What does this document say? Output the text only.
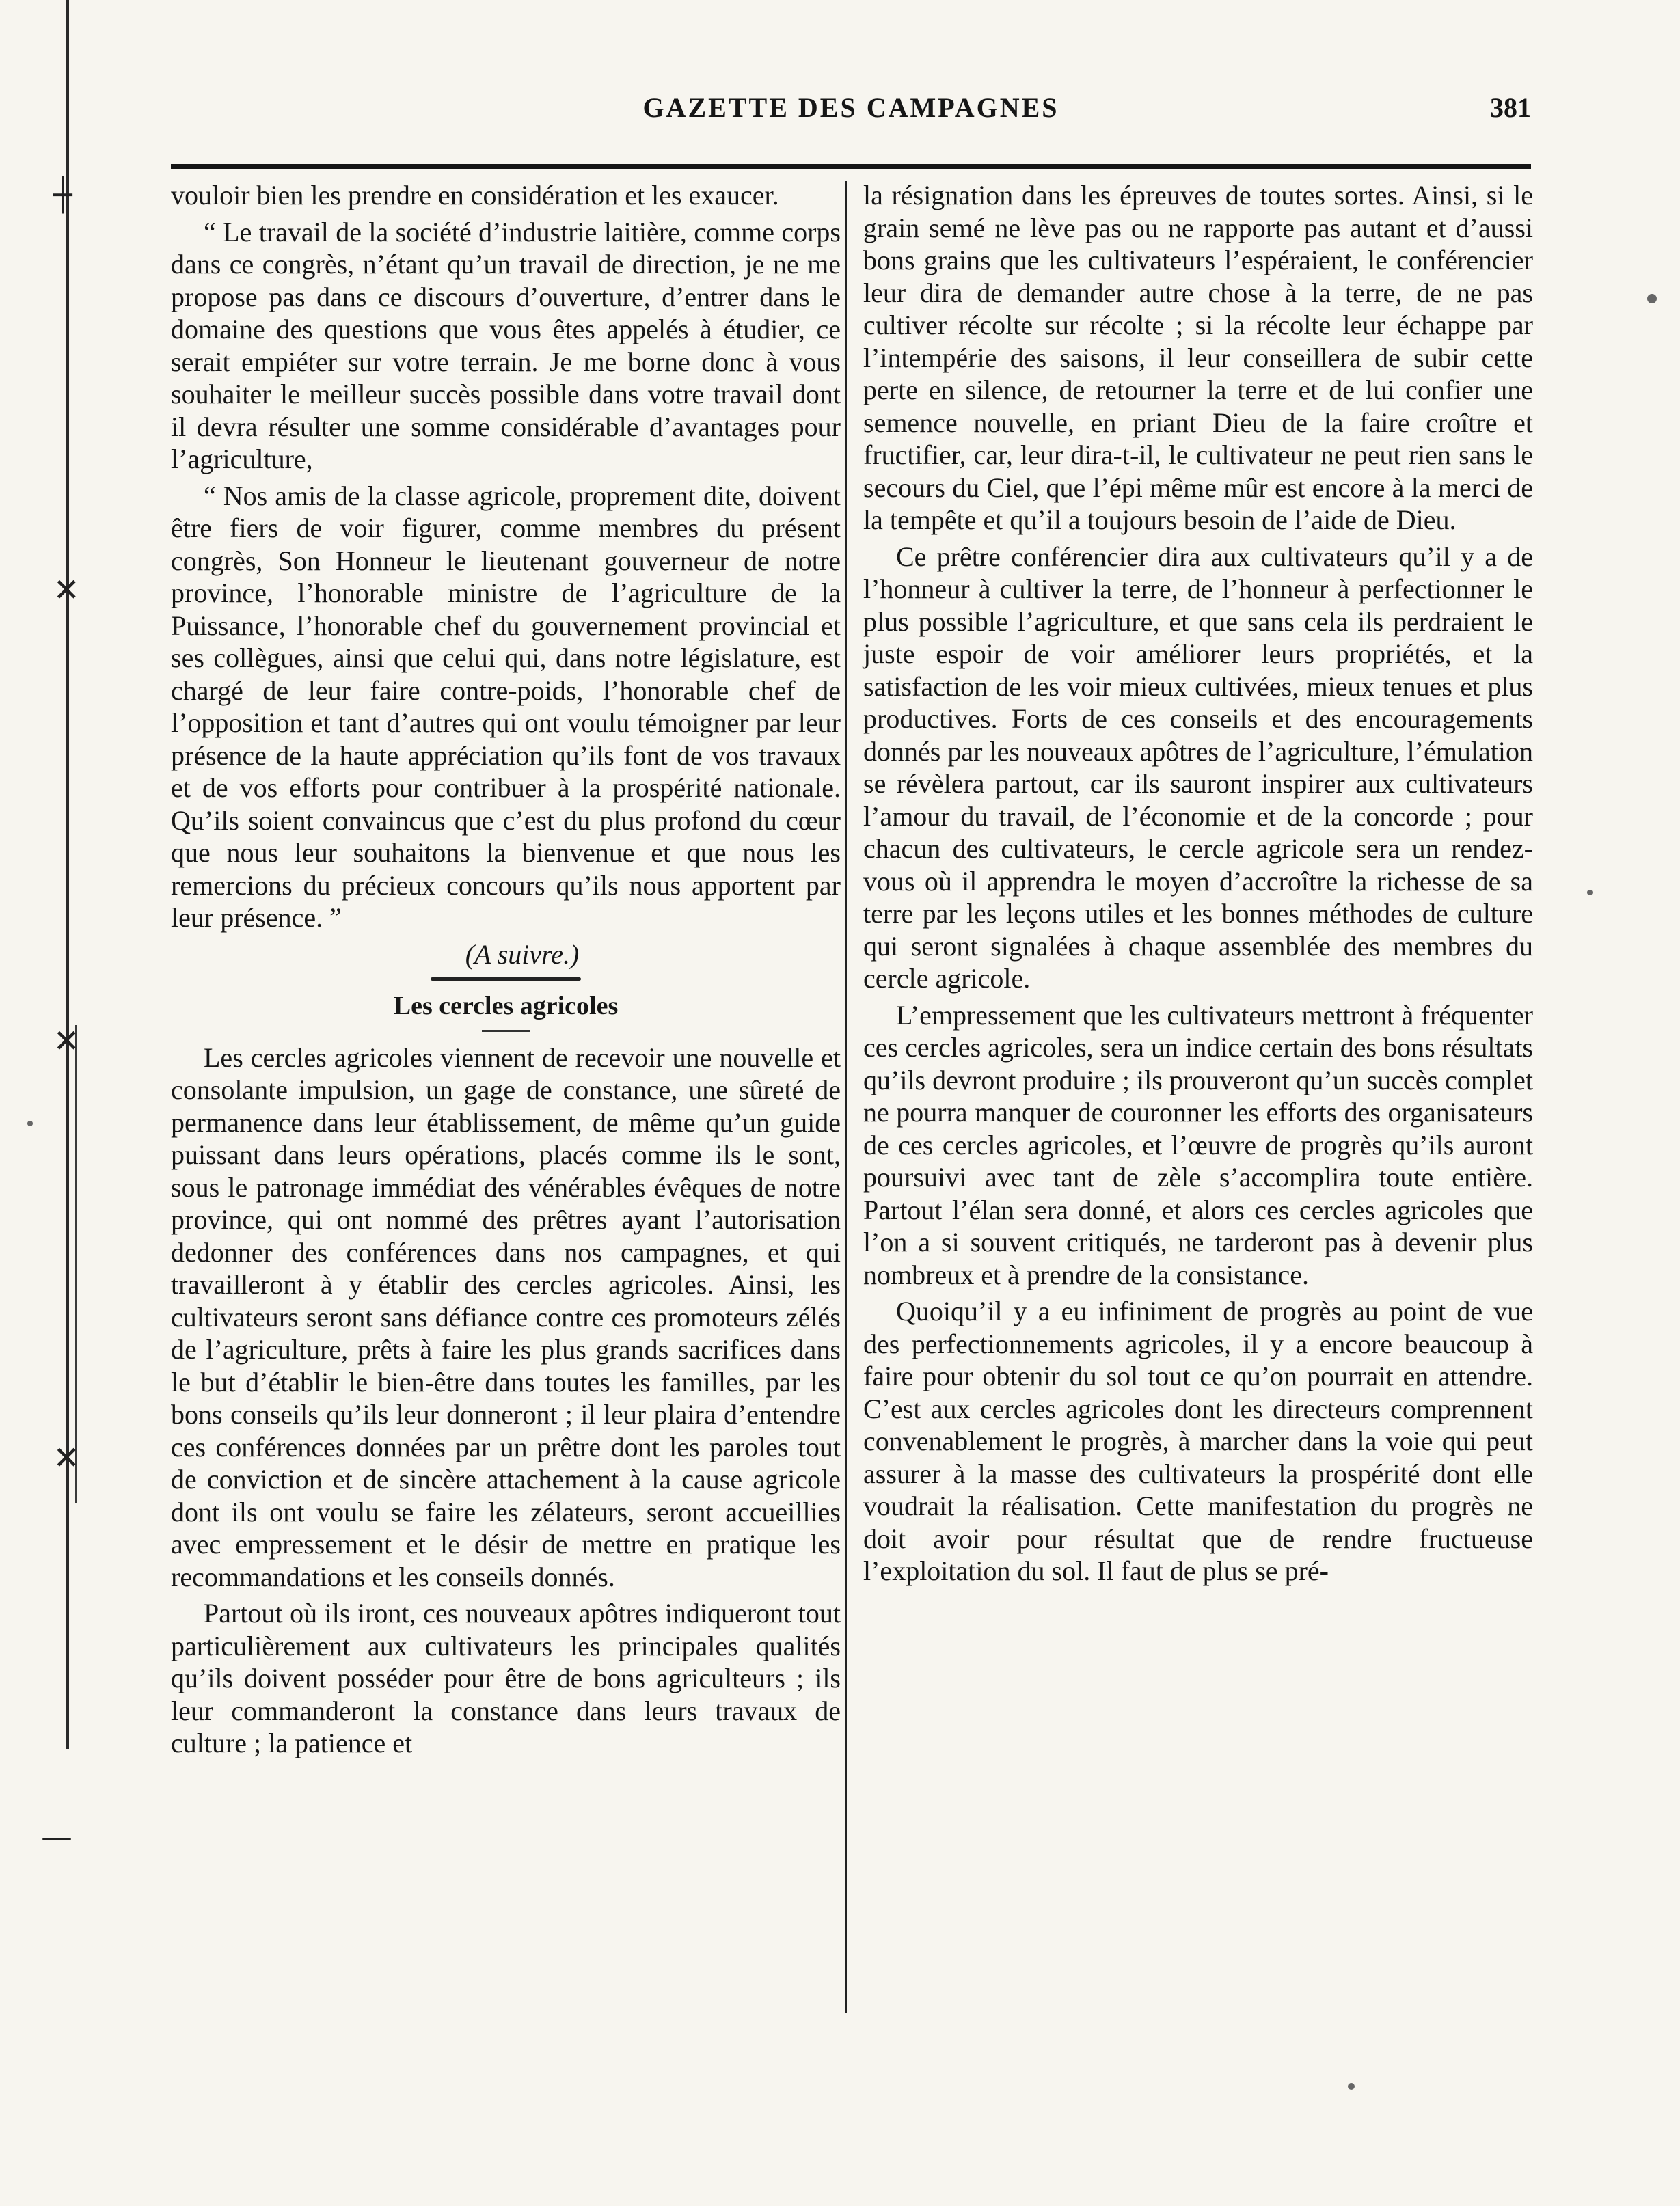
┼
✕
✕
✕
—
GAZETTE DES CAMPAGNES	381

vouloir bien les prendre en considération et les exaucer.

“ Le travail de la société d’industrie laitière, comme corps dans ce congrès, n’étant qu’un travail de direction, je ne me propose pas dans ce discours d’ouverture, d’entrer dans le domaine des questions que vous êtes appelés à étudier, ce serait empiéter sur votre terrain. Je me borne donc à vous souhaiter le meilleur succès possible dans votre travail dont il devra résulter une somme considérable d’avantages pour l’agriculture,

“ Nos amis de la classe agricole, proprement dite, doivent être fiers de voir figurer, comme membres du présent congrès, Son Honneur le lieutenant gouverneur de notre province, l’honorable ministre de l’agriculture de la Puissance, l’honorable chef du gouvernement provincial et ses collègues, ainsi que celui qui, dans notre législature, est chargé de leur faire contre-poids, l’honorable chef de l’opposition et tant d’autres qui ont voulu témoigner par leur présence de la haute appréciation qu’ils font de vos travaux et de vos efforts pour contribuer à la prospérité nationale. Qu’ils soient convaincus que c’est du plus profond du cœur que nous leur souhaitons la bienvenue et que nous les remercions du précieux concours qu’ils nous apportent par leur présence. ”

(A suivre.)

Les cercles agricoles

Les cercles agricoles viennent de recevoir une nouvelle et consolante impulsion, un gage de constance, une sûreté de permanence dans leur établissement, de même qu’un guide puissant dans leurs opérations, placés comme ils le sont, sous le patronage immédiat des vénérables évêques de notre province, qui ont nommé des prêtres ayant l’autorisation dedonner des conférences dans nos campagnes, et qui travailleront à y établir des cercles agricoles. Ainsi, les cultivateurs seront sans défiance contre ces promoteurs zélés de l’agriculture, prêts à faire les plus grands sacrifices dans le but d’établir le bien-être dans toutes les familles, par les bons conseils qu’ils leur donneront ; il leur plaira d’entendre ces conférences données par un prêtre dont les paroles tout de conviction et de sincère attachement à la cause agricole dont ils ont voulu se faire les zélateurs, seront accueillies avec empressement et le désir de mettre en pratique les recommandations et les conseils donnés.

Partout où ils iront, ces nouveaux apôtres indiqueront tout particulièrement aux cultivateurs les principales qualités qu’ils doivent posséder pour être de bons agriculteurs ; ils leur commanderont la constance dans leurs travaux de culture ; la patience et

la résignation dans les épreuves de toutes sortes. Ainsi, si le grain semé ne lève pas ou ne rapporte pas autant et d’aussi bons grains que les cultivateurs l’espéraient, le conférencier leur dira de demander autre chose à la terre, de ne pas cultiver récolte sur récolte ; si la récolte leur échappe par l’intempérie des saisons, il leur conseillera de subir cette perte en silence, de retourner la terre et de lui confier une semence nouvelle, en priant Dieu de la faire croître et fructifier, car, leur dira-t-il, le cultivateur ne peut rien sans le secours du Ciel, que l’épi même mûr est encore à la merci de la tempête et qu’il a toujours besoin de l’aide de Dieu.

Ce prêtre conférencier dira aux cultivateurs qu’il y a de l’honneur à cultiver la terre, de l’honneur à perfectionner le plus possible l’agriculture, et que sans cela ils perdraient le juste espoir de voir améliorer leurs propriétés, et la satisfaction de les voir mieux cultivées, mieux tenues et plus productives. Forts de ces conseils et des encouragements donnés par les nouveaux apôtres de l’agriculture, l’émulation se révèlera partout, car ils sauront inspirer aux cultivateurs l’amour du travail, de l’économie et de la concorde ; pour chacun des cultivateurs, le cercle agricole sera un rendez-vous où il apprendra le moyen d’accroître la richesse de sa terre par les leçons utiles et les bonnes méthodes de culture qui seront signalées à chaque assemblée des membres du cercle agricole.

L’empressement que les cultivateurs mettront à fréquenter ces cercles agricoles, sera un indice certain des bons résultats qu’ils devront produire ; ils prouveront qu’un succès complet ne pourra manquer de couronner les efforts des organisateurs de ces cercles agricoles, et l’œuvre de progrès qu’ils auront poursuivi avec tant de zèle s’accomplira toute entière. Partout l’élan sera donné, et alors ces cercles agricoles que l’on a si souvent critiqués, ne tarderont pas à devenir plus nombreux et à prendre de la consistance.

Quoiqu’il y a eu infiniment de progrès au point de vue des perfectionnements agricoles, il y a encore beaucoup à faire pour obtenir du sol tout ce qu’on pourrait en attendre. C’est aux cercles agricoles dont les directeurs comprennent convenablement le progrès, à marcher dans la voie qui peut assurer à la masse des cultivateurs la prospérité dont elle voudrait la réalisation. Cette manifestation du progrès ne doit avoir pour résultat que de rendre fructueuse l’exploitation du sol. Il faut de plus se pré-
